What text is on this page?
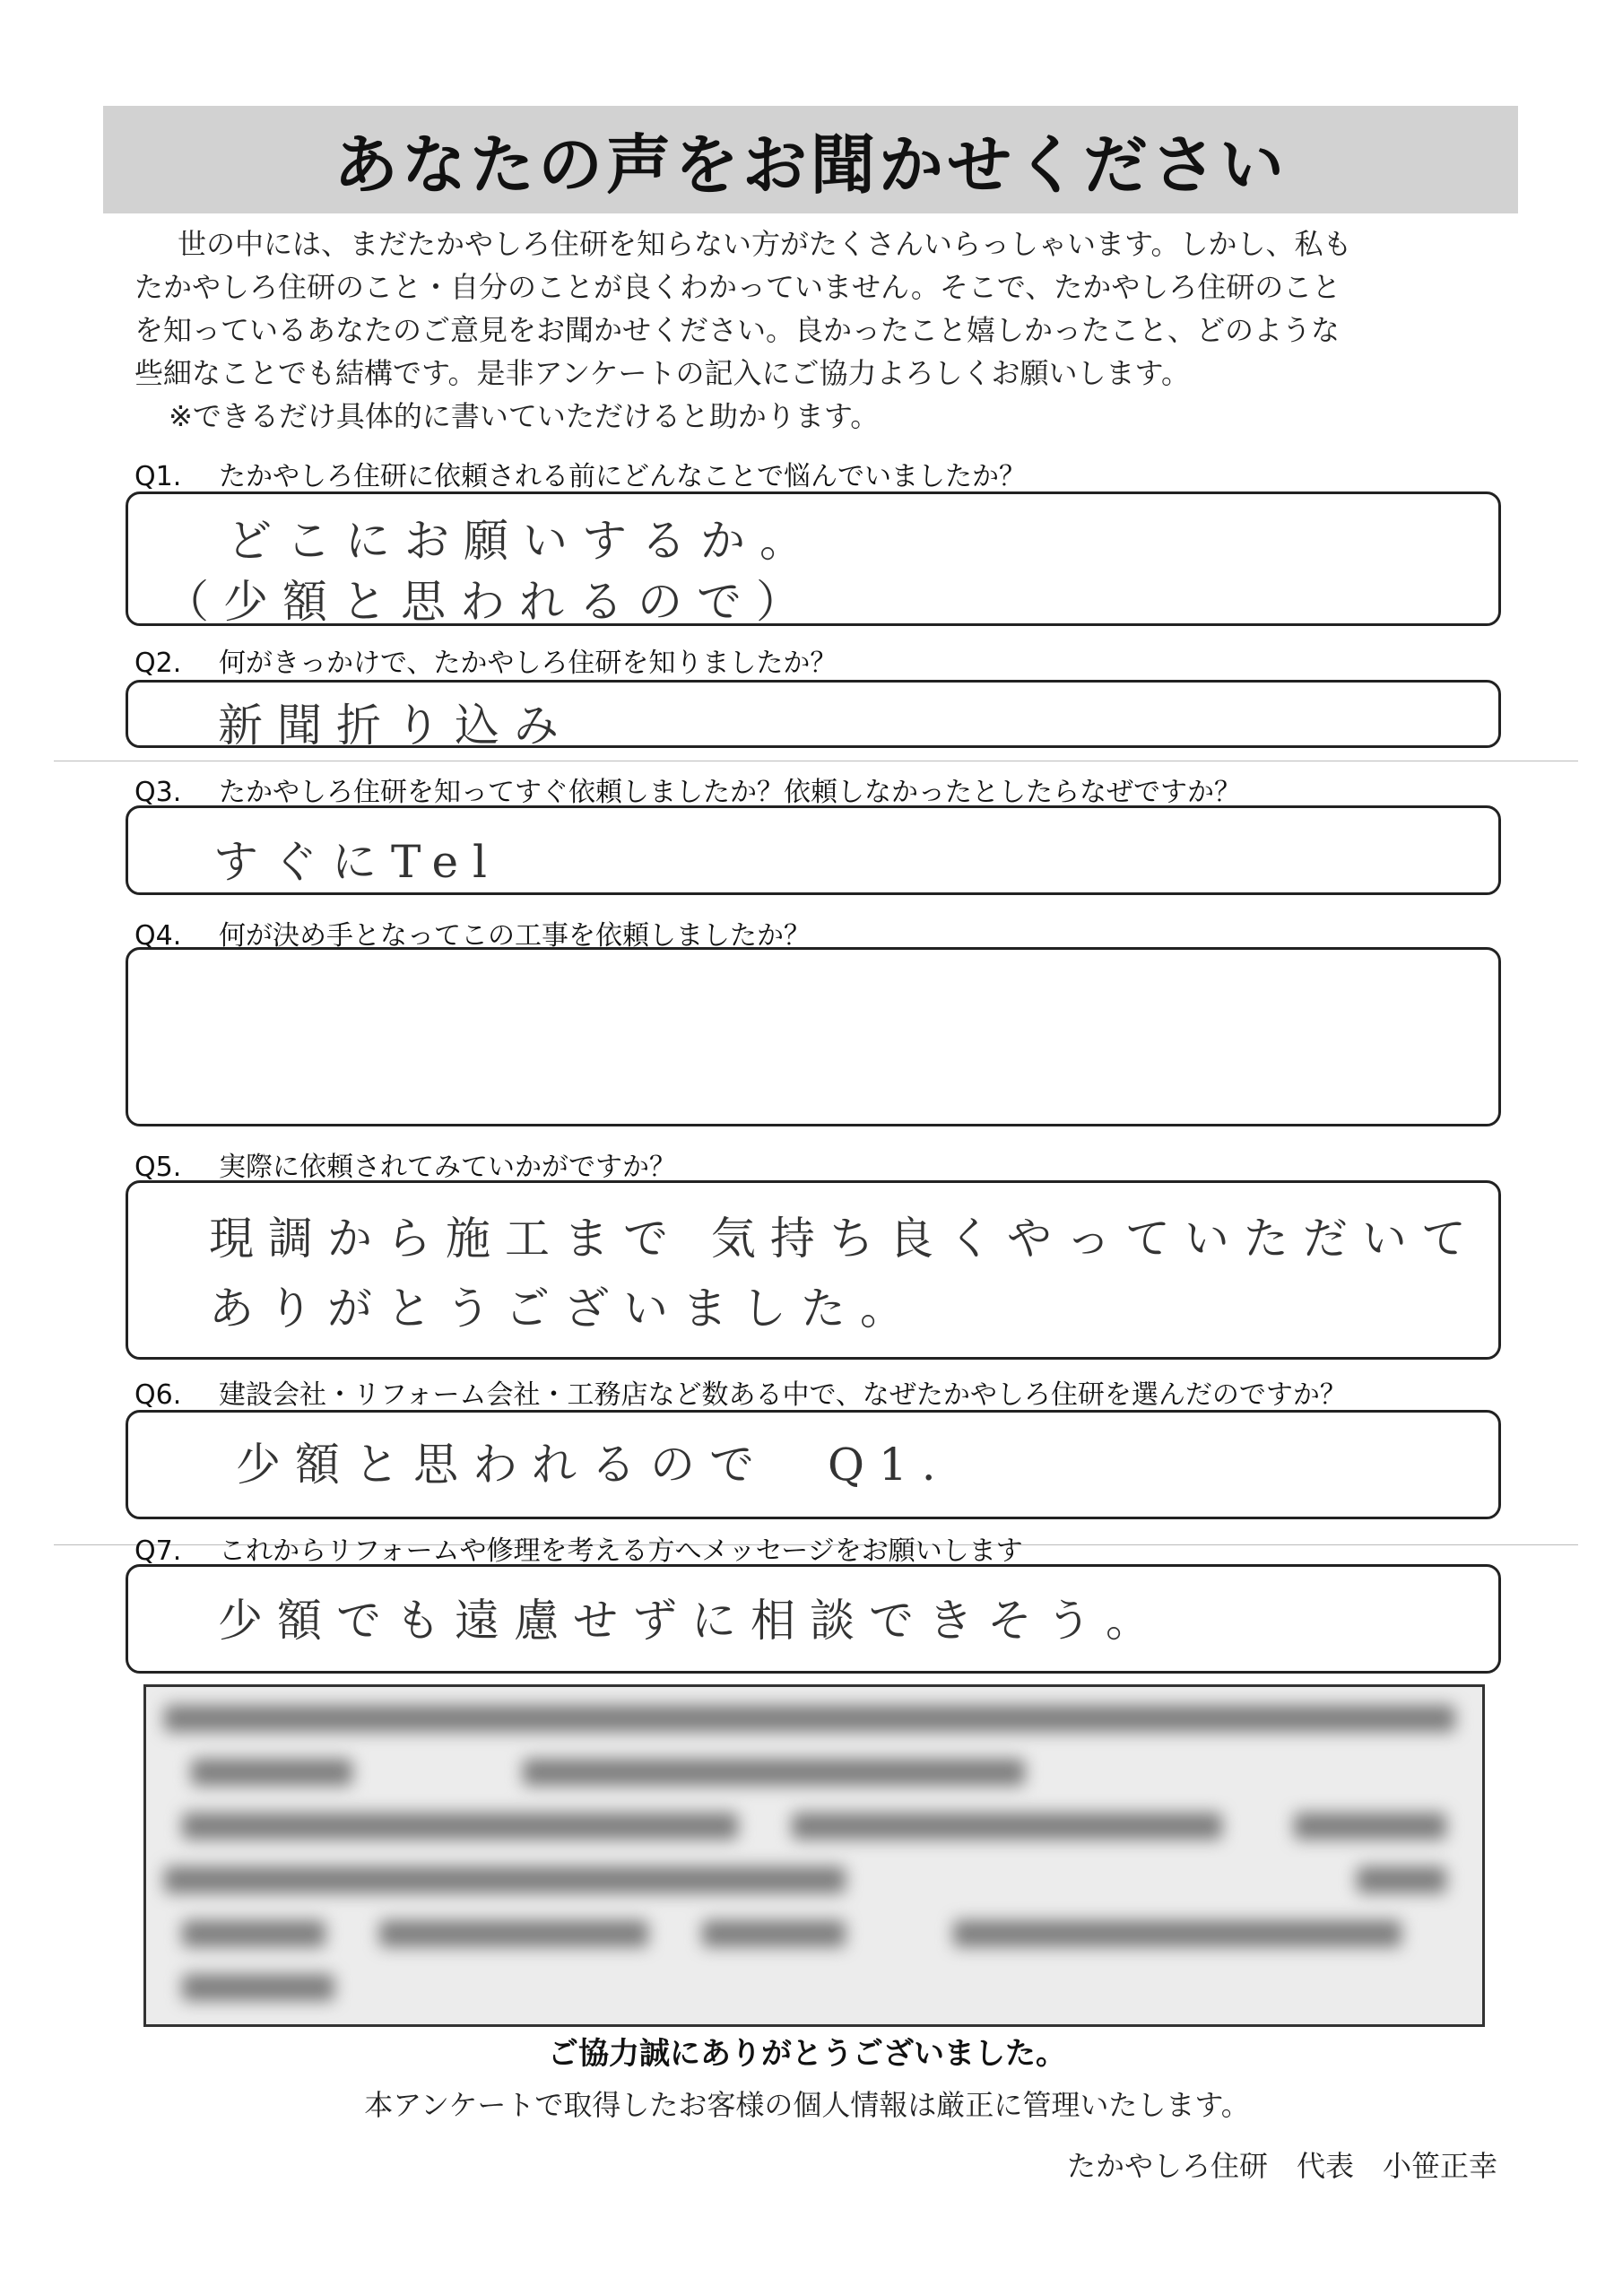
あなたの声をお聞かせください

世の中には、まだたかやしろ住研を知らない方がたくさんいらっしゃいます。しかし、私も

たかやしろ住研のこと・自分のことが良くわかっていません。そこで、たかやしろ住研のこと

を知っているあなたのご意見をお聞かせください。良かったこと嬉しかったこと、どのような

些細なことでも結構です。是非アンケートの記入にご協力よろしくお願いします。

※できるだけ具体的に書いていただけると助かります。

Q1. たかやしろ住研に依頼される前にどんなことで悩んでいましたか？
どこにお願いするか。
（少額と思われるので）
Q2. 何がきっかけで、たかやしろ住研を知りましたか？
新聞折り込み
Q3. たかやしろ住研を知ってすぐ依頼しましたか？依頼しなかったとしたらなぜですか？
すぐにTel
Q4. 何が決め手となってこの工事を依頼しましたか？
Q5. 実際に依頼されてみていかがですか？
現調から施工まで 気持ち良くやっていただいて
ありがとうございました。
Q6. 建設会社・リフォーム会社・工務店など数ある中で、なぜたかやしろ住研を選んだのですか？
少額と思われるので　Q1.
Q7. これからリフォームや修理を考える方へメッセージをお願いします
少額でも遠慮せずに相談できそう。
ご協力誠にありがとうございました。
本アンケートで取得したお客様の個人情報は厳正に管理いたします。
たかやしろ住研　代表　小笹正幸
